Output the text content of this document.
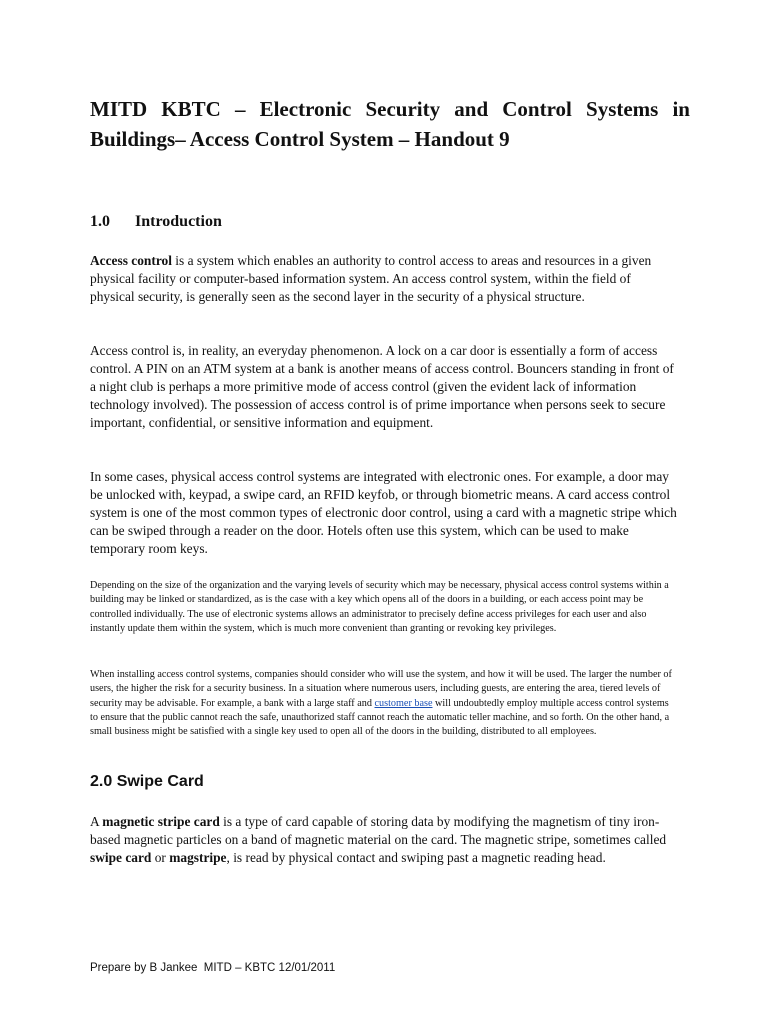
MITD KBTC – Electronic Security and Control Systems in Buildings– Access Control System – Handout 9
1.0 Introduction

Access control is a system which enables an authority to control access to areas and resources in a given physical facility or computer-based information system. An access control system, within the field of physical security, is generally seen as the second layer in the security of a physical structure.

Access control is, in reality, an everyday phenomenon. A lock on a car door is essentially a form of access control. A PIN on an ATM system at a bank is another means of access control. Bouncers standing in front of a night club is perhaps a more primitive mode of access control (given the evident lack of information technology involved). The possession of access control is of prime importance when persons seek to secure important, confidential, or sensitive information and equipment.

In some cases, physical access control systems are integrated with electronic ones. For example, a door may be unlocked with, keypad, a swipe card, an RFID keyfob, or through biometric means. A card access control system is one of the most common types of electronic door control, using a card with a magnetic stripe which can be swiped through a reader on the door. Hotels often use this system, which can be used to make temporary room keys.

Depending on the size of the organization and the varying levels of security which may be necessary, physical access control systems within a building may be linked or standardized, as is the case with a key which opens all of the doors in a building, or each access point may be controlled individually. The use of electronic systems allows an administrator to precisely define access privileges for each user and also instantly update them within the system, which is much more convenient than granting or revoking key privileges.

When installing access control systems, companies should consider who will use the system, and how it will be used. The larger the number of users, the higher the risk for a security business. In a situation where numerous users, including guests, are entering the area, tiered levels of security may be advisable. For example, a bank with a large staff and customer base will undoubtedly employ multiple access control systems to ensure that the public cannot reach the safe, unauthorized staff cannot reach the automatic teller machine, and so forth. On the other hand, a small business might be satisfied with a single key used to open all of the doors in the building, distributed to all employees.

2.0 Swipe Card

A magnetic stripe card is a type of card capable of storing data by modifying the magnetism of tiny iron-based magnetic particles on a band of magnetic material on the card. The magnetic stripe, sometimes called swipe card or magstripe, is read by physical contact and swiping past a magnetic reading head.

Prepare by B Jankee  MITD – KBTC 12/01/2011
